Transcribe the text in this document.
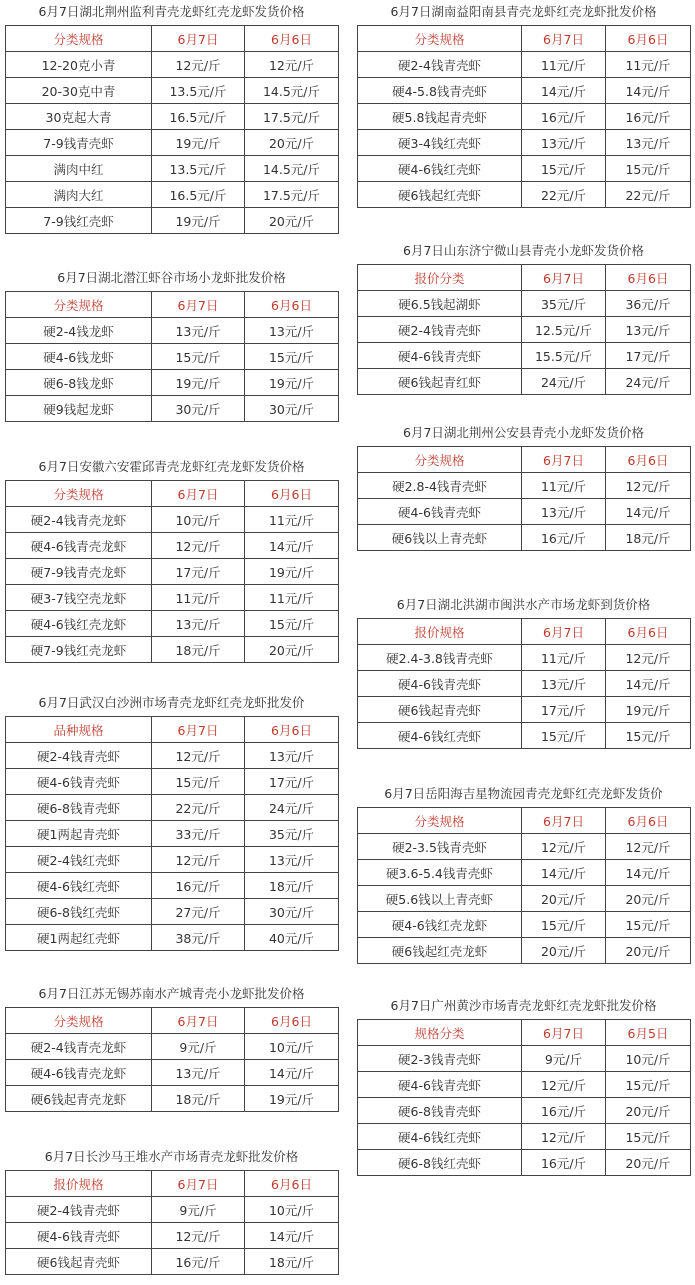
6月7日湖北荆州监利青壳龙虾红壳龙虾发货价格
分类规格	6月7日	6月6日
12-20克小青	12元/斤	12元/斤
20-30克中青	13.5元/斤	14.5元/斤
30克起大青	16.5元/斤	17.5元/斤
7-9钱青壳虾	19元/斤	20元/斤
满肉中红	13.5元/斤	14.5元/斤
满肉大红	16.5元/斤	17.5元/斤
7-9钱红壳虾	19元/斤	20元/斤
6月7日湖北潜江虾谷市场小龙虾批发价格
分类规格	6月7日	6月6日
硬2-4钱龙虾	13元/斤	13元/斤
硬4-6钱龙虾	15元/斤	15元/斤
硬6-8钱龙虾	19元/斤	19元/斤
硬9钱起龙虾	30元/斤	30元/斤
6月7日安徽六安霍邱青壳龙虾红壳龙虾发货价格
分类规格	6月7日	6月6日
硬2-4钱青壳龙虾	10元/斤	11元/斤
硬4-6钱青壳龙虾	12元/斤	14元/斤
硬7-9钱青壳龙虾	17元/斤	19元/斤
硬3-7钱空壳龙虾	11元/斤	11元/斤
硬4-6钱红壳龙虾	13元/斤	15元/斤
硬7-9钱红壳龙虾	18元/斤	20元/斤
6月7日武汉白沙洲市场青壳龙虾红壳龙虾批发价
品种规格	6月7日	6月6日
硬2-4钱青壳虾	12元/斤	13元/斤
硬4-6钱青壳虾	15元/斤	17元/斤
硬6-8钱青壳虾	22元/斤	24元/斤
硬1两起青壳虾	33元/斤	35元/斤
硬2-4钱红壳虾	12元/斤	13元/斤
硬4-6钱红壳虾	16元/斤	18元/斤
硬6-8钱红壳虾	27元/斤	30元/斤
硬1两起红壳虾	38元/斤	40元/斤
6月7日江苏无锡苏南水产城青壳小龙虾批发价格
分类规格	6月7日	6月6日
硬2-4钱青壳龙虾	9元/斤	10元/斤
硬4-6钱青壳龙虾	13元/斤	14元/斤
硬6钱起青壳龙虾	18元/斤	19元/斤
6月7日长沙马王堆水产市场青壳龙虾批发价格
报价规格	6月7日	6月6日
硬2-4钱青壳虾	9元/斤	10元/斤
硬4-6钱青壳虾	12元/斤	14元/斤
硬6钱起青壳虾	16元/斤	18元/斤
6月7日湖南益阳南县青壳龙虾红壳龙虾批发价格
分类规格	6月7日	6月6日
硬2-4钱青壳虾	11元/斤	11元/斤
硬4-5.8钱青壳虾	14元/斤	14元/斤
硬5.8钱起青壳虾	16元/斤	16元/斤
硬3-4钱红壳虾	13元/斤	13元/斤
硬4-6钱红壳虾	15元/斤	15元/斤
硬6钱起红壳虾	22元/斤	22元/斤
6月7日山东济宁微山县青壳小龙虾发货价格
报价分类	6月7日	6月6日
硬6.5钱起湖虾	35元/斤	36元/斤
硬2-4钱青壳虾	12.5元/斤	13元/斤
硬4-6钱青壳虾	15.5元/斤	17元/斤
硬6钱起青红虾	24元/斤	24元/斤
6月7日湖北荆州公安县青壳小龙虾发货价格
分类规格	6月7日	6月6日
硬2.8-4钱青壳虾	11元/斤	12元/斤
硬4-6钱青壳虾	13元/斤	14元/斤
硬6钱以上青壳虾	16元/斤	18元/斤
6月7日湖北洪湖市闽洪水产市场龙虾到货价格
报价规格	6月7日	6月6日
硬2.4-3.8钱青壳虾	11元/斤	12元/斤
硬4-6钱青壳虾	13元/斤	14元/斤
硬6钱起青壳虾	17元/斤	19元/斤
硬4-6钱红壳虾	15元/斤	15元/斤
6月7日岳阳海吉星物流园青壳龙虾红壳龙虾发货价
分类规格	6月7日	6月6日
硬2-3.5钱青壳虾	12元/斤	12元/斤
硬3.6-5.4钱青壳虾	14元/斤	14元/斤
硬5.6钱以上青壳虾	20元/斤	20元/斤
硬4-6钱红壳龙虾	15元/斤	15元/斤
硬6钱起红壳龙虾	20元/斤	20元/斤
6月7日广州黄沙市场青壳龙虾红壳龙虾批发价格
规格分类	6月7日	6月5日
硬2-3钱青壳虾	9元/斤	10元/斤
硬4-6钱青壳虾	12元/斤	15元/斤
硬6-8钱青壳虾	16元/斤	20元/斤
硬4-6钱红壳虾	12元/斤	15元/斤
硬6-8钱红壳虾	16元/斤	20元/斤
